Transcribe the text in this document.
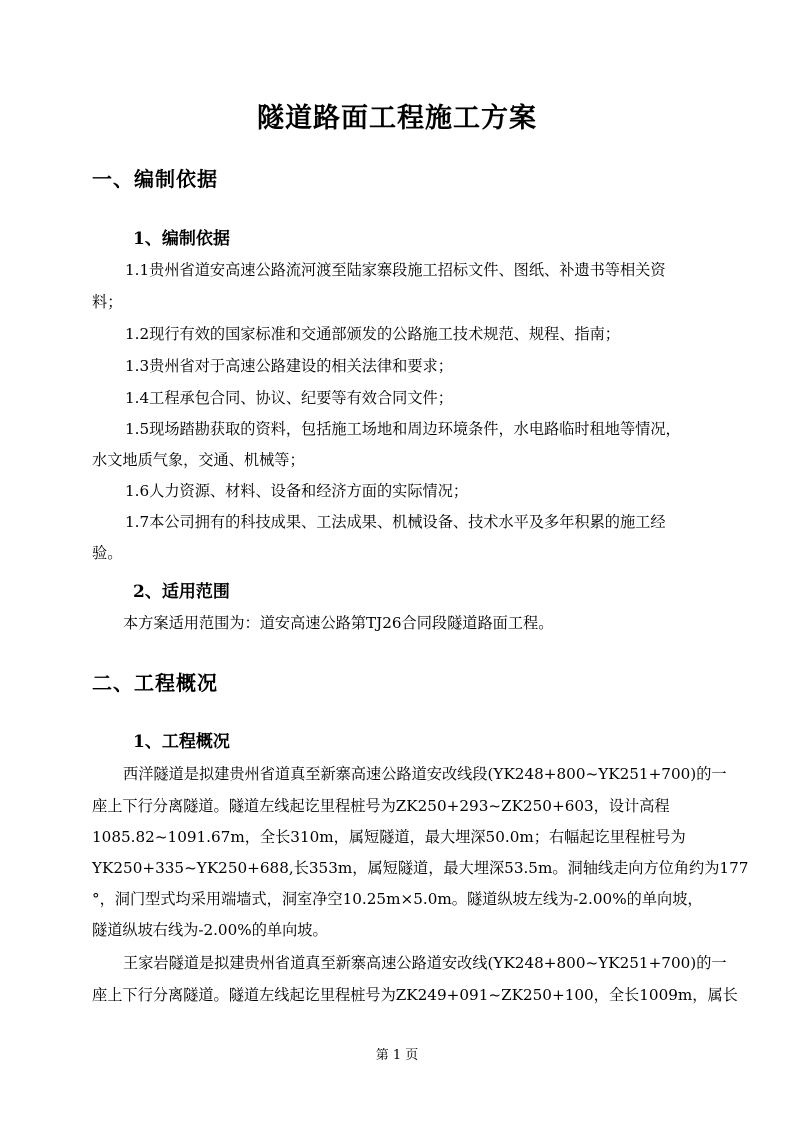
隧道路面工程施工方案
一、编制依据
1、编制依据
1.1贵州省道安高速公路流河渡至陆家寨段施工招标文件、图纸、补遗书等相关资
料；
1.2现行有效的国家标准和交通部颁发的公路施工技术规范、规程、指南；
1.3贵州省对于高速公路建设的相关法律和要求；
1.4工程承包合同、协议、纪要等有效合同文件；
1.5现场踏勘获取的资料，包括施工场地和周边环境条件，水电路临时租地等情况，
水文地质气象，交通、机械等；
1.6人力资源、材料、设备和经济方面的实际情况；
1.7本公司拥有的科技成果、工法成果、机械设备、技术水平及多年积累的施工经
验。
2、适用范围
本方案适用范围为：道安高速公路第TJ26合同段隧道路面工程。
二、工程概况
1、工程概况
西洋隧道是拟建贵州省道真至新寨高速公路道安改线段(YK248+800~YK251+700)的一
座上下行分离隧道。隧道左线起讫里程桩号为ZK250+293~ZK250+603，设计高程
1085.82~1091.67m，全长310m，属短隧道，最大埋深50.0m；右幅起讫里程桩号为
YK250+335~YK250+688,长353m，属短隧道，最大埋深53.5m。洞轴线走向方位角约为177
°，洞门型式均采用端墙式，洞室净空10.25m×5.0m。隧道纵坡左线为-2.00%的单向坡，
隧道纵坡右线为-2.00%的单向坡。
王家岩隧道是拟建贵州省道真至新寨高速公路道安改线(YK248+800~YK251+700)的一
座上下行分离隧道。隧道左线起讫里程桩号为ZK249+091~ZK250+100，全长1009m，属长
第 1 页
